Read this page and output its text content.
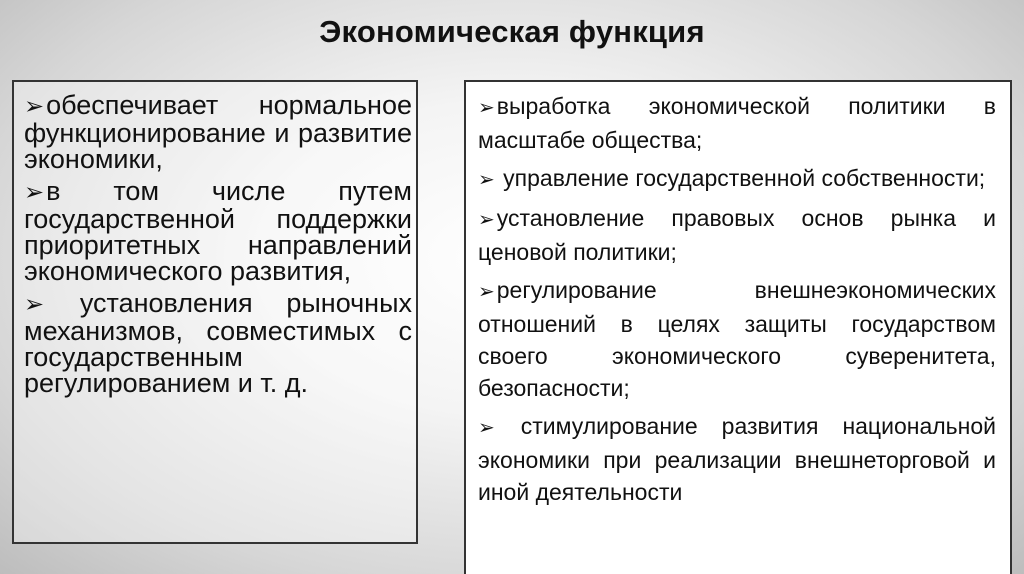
Экономическая функция
➢обеспечивает нормальное функционирование и развитие экономики,
➢в том числе путем государственной поддержки приоритетных направлений экономического развития,
➢ установления рыночных механизмов, совместимых с государственным регулированием и т. д.
➢выработка экономической политики в масштабе общества;
➢ управление государственной собственности;
➢установление правовых основ рынка и ценовой политики;
➢регулирование внешнеэкономических отношений в целях защиты государством своего экономического суверенитета, безопасности;
➢ стимулирование развития национальной экономики при реализации внешнеторговой и иной деятельности
